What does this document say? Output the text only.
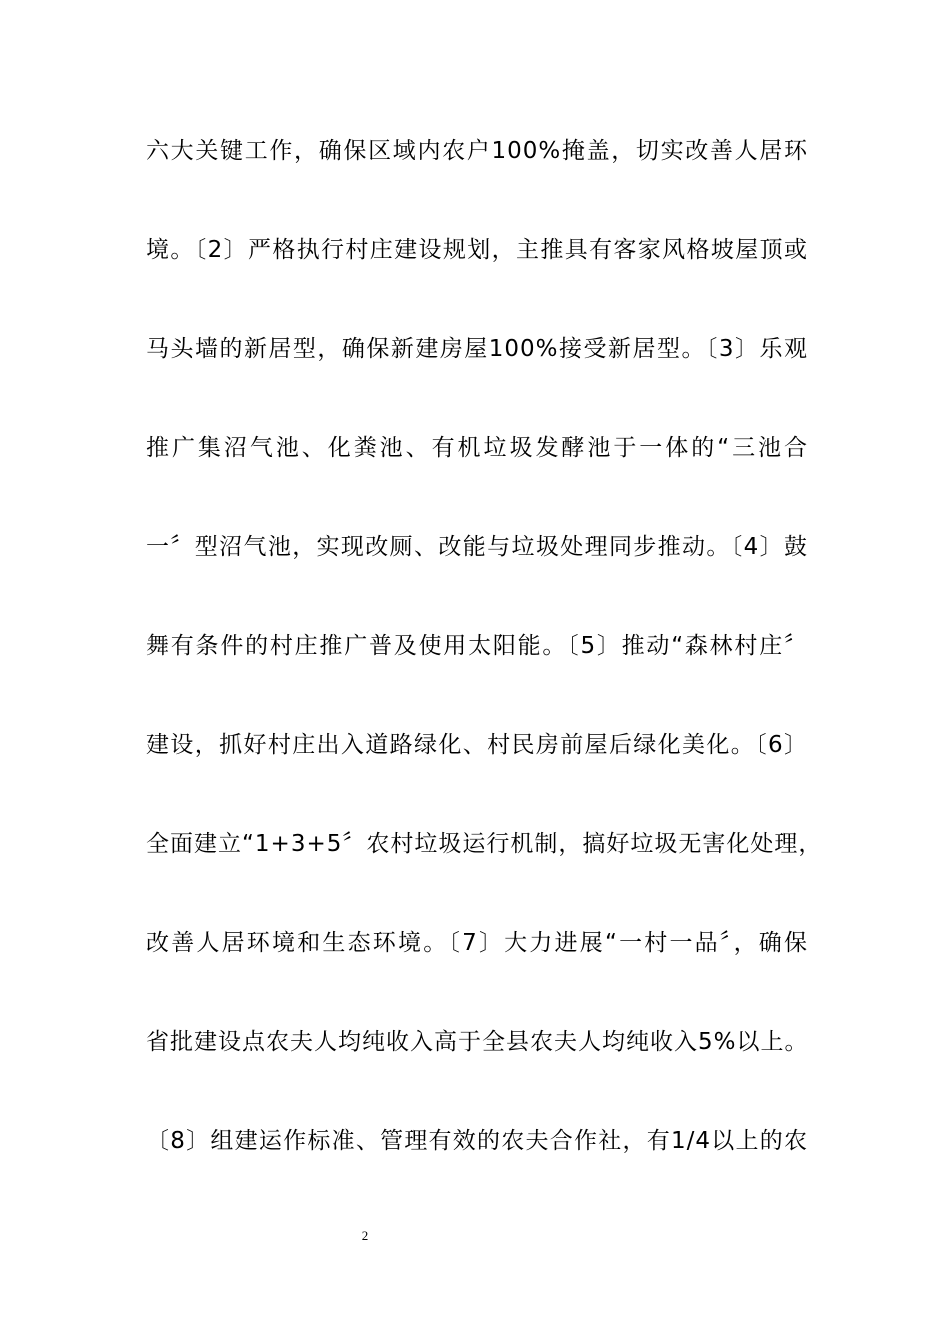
六大关键工作，确保区域内农户100%掩盖，切实改善人居环
境。〔2〕严格执行村庄建设规划，主推具有客家风格坡屋顶或
马头墙的新居型，确保新建房屋100%接受新居型。〔3〕乐观
推广集沼气池、化粪池、有机垃圾发酵池于一体的“三池合
一〞型沼气池，实现改厕、改能与垃圾处理同步推动。〔4〕鼓
舞有条件的村庄推广普及使用太阳能。〔5〕推动“森林村庄〞
建设，抓好村庄出入道路绿化、村民房前屋后绿化美化。〔6〕
全面建立“1+3+5〞农村垃圾运行机制，搞好垃圾无害化处理，
改善人居环境和生态环境。〔7〕大力进展“一村一品〞，确保
省批建设点农夫人均纯收入高于全县农夫人均纯收入5%以上。
〔8〕组建运作标准、管理有效的农夫合作社，有1/4以上的农
2
